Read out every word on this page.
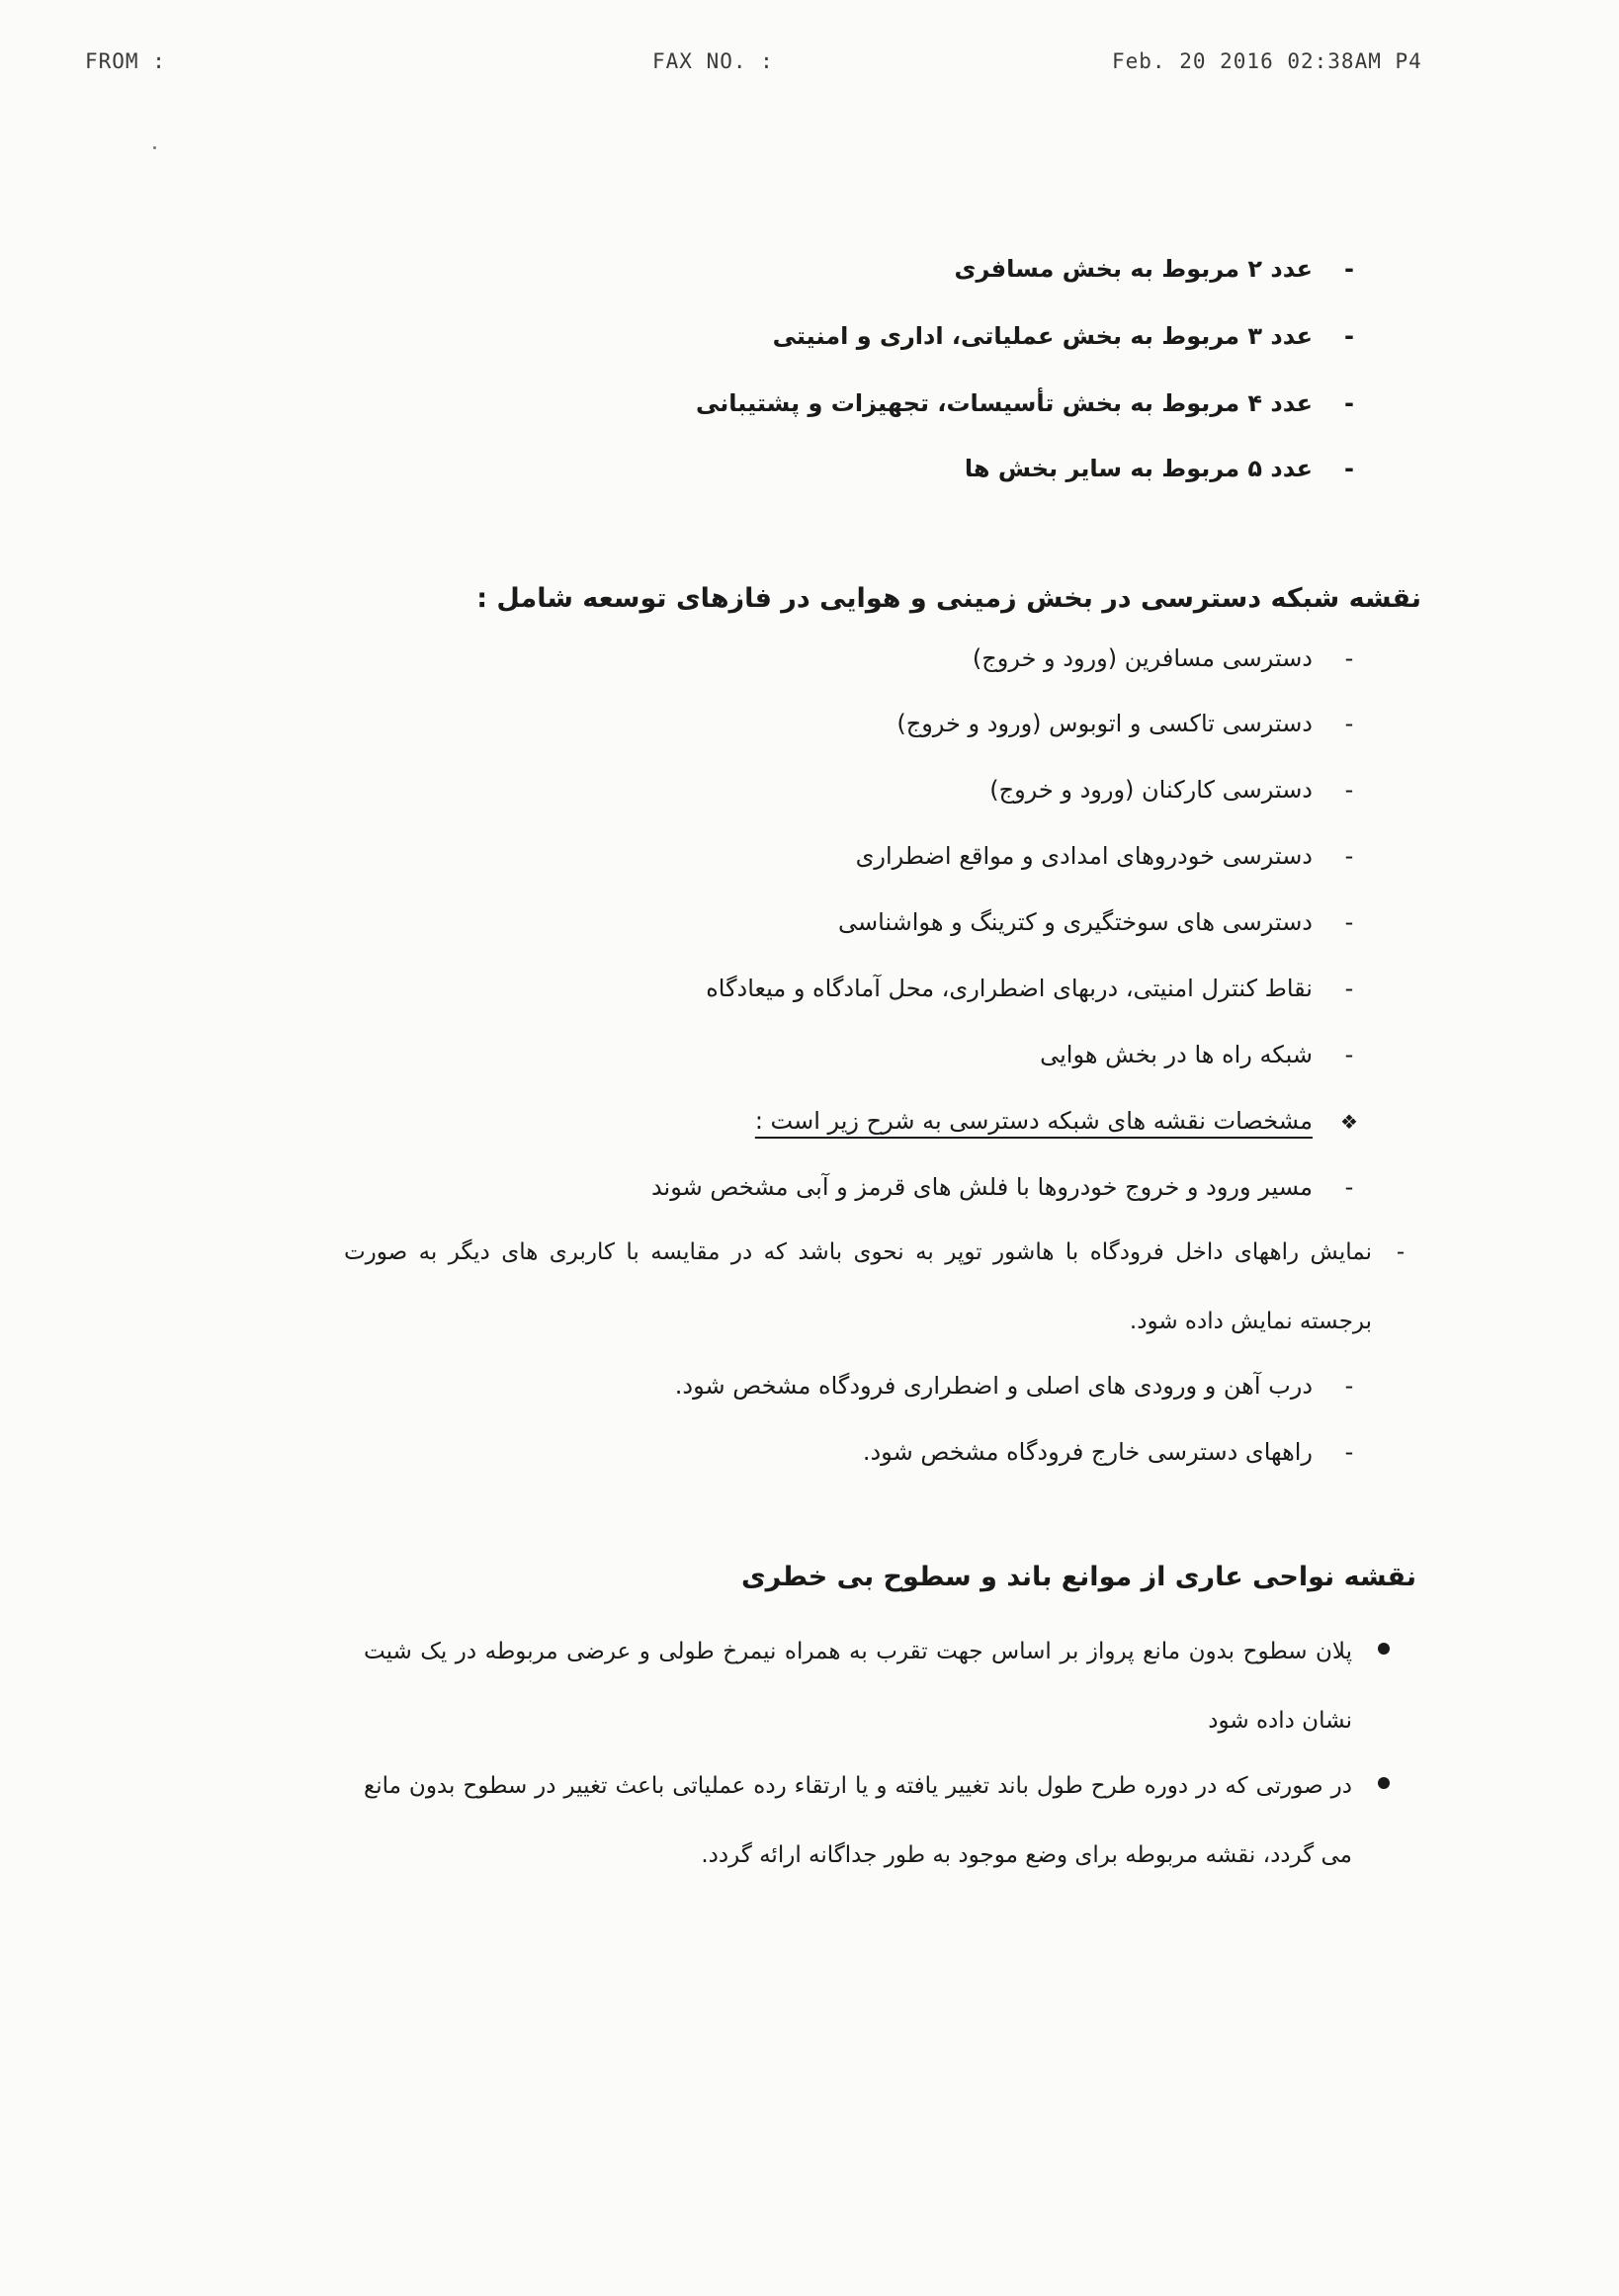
FROM :	FAX NO. :	Feb. 20 2016 02:38AM P4
-عدد ۲ مربوط به بخش مسافری
-عدد ۳ مربوط به بخش عملیاتی، اداری و امنیتی
-عدد ۴ مربوط به بخش تأسیسات، تجهیزات و پشتیبانی
-عدد ۵ مربوط به سایر بخش ها
نقشه شبکه دسترسی در بخش زمینی و هوایی در فازهای توسعه شامل :
-دسترسی مسافرین (ورود و خروج)
-دسترسی تاکسی و اتوبوس (ورود و خروج)
-دسترسی کارکنان (ورود و خروج)
-دسترسی خودروهای امدادی و مواقع اضطراری
-دسترسی های سوختگیری و کترینگ و هواشناسی
-نقاط کنترل امنیتی، دربهای اضطراری، محل آمادگاه و میعادگاه
-شبکه راه ها در بخش هوایی
❖مشخصات نقشه های شبکه دسترسی به شرح زیر است :
-مسیر ورود و خروج خودروها با فلش های قرمز و آبی مشخص شوند
-
نمایش راههای داخل فرودگاه با هاشور توپر به نحوی باشد که در مقایسه با کاربری های دیگر به صورت برجسته نمایش داده شود.
-درب آهن و ورودی های اصلی و اضطراری فرودگاه مشخص شود.
-راههای دسترسی خارج فرودگاه مشخص شود.
نقشه نواحی عاری از موانع باند و سطوح بی خطری
پلان سطوح بدون مانع پرواز بر اساس جهت تقرب به همراه نیمرخ طولی و عرضی مربوطه در یک شیت نشان داده شود
در صورتی که در دوره طرح طول باند تغییر یافته و یا ارتقاء رده عملیاتی باعث تغییر در سطوح بدون مانع می گردد، نقشه مربوطه برای وضع موجود به طور جداگانه ارائه گردد.
